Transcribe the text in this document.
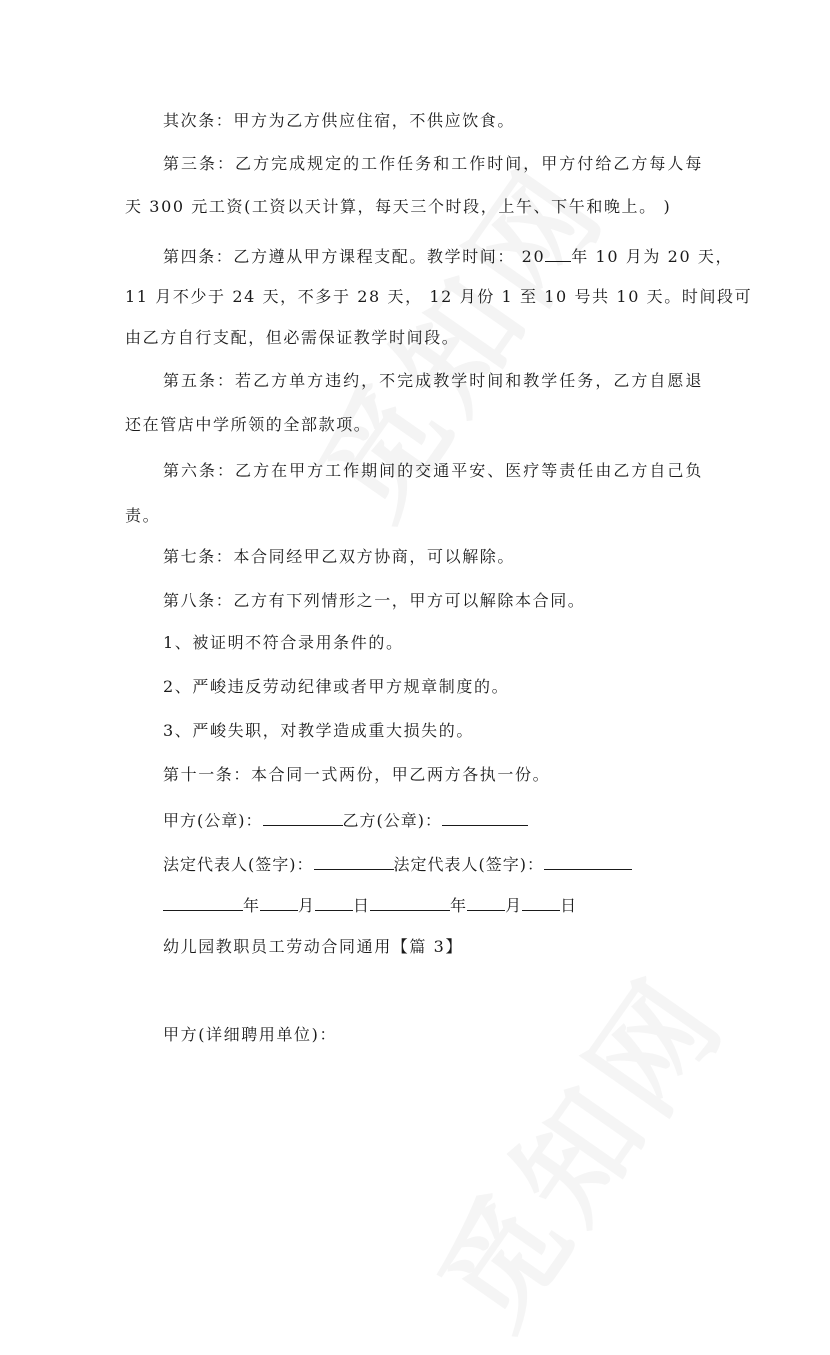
其次条：甲方为乙方供应住宿，不供应饮食。
第三条：乙方完成规定的工作任务和工作时间，甲方付给乙方每人每
天 300 元工资(工资以天计算，每天三个时段，上午、下午和晚上。 )
第四条：乙方遵从甲方课程支配。教学时间： 20 年 10 月为 20 天，
11 月不少于 24 天，不多于 28 天， 12 月份 1 至 10 号共 10 天。时间段可
由乙方自行支配，但必需保证教学时间段。
第五条：若乙方单方违约，不完成教学时间和教学任务，乙方自愿退
还在管店中学所领的全部款项。
第六条：乙方在甲方工作期间的交通平安、医疗等责任由乙方自己负
责。
第七条：本合同经甲乙双方协商，可以解除。
第八条：乙方有下列情形之一，甲方可以解除本合同。
1、被证明不符合录用条件的。
2、严峻违反劳动纪律或者甲方规章制度的。
3、严峻失职，对教学造成重大损失的。
第十一条：本合同一式两份，甲乙两方各执一份。
甲方(公章)：	乙方(公章)：
法定代表人(签字)：	法定代表人(签字)：
年 月 日	年 月 日
幼儿园教职员工劳动合同通用【篇 3】
甲方(详细聘用单位)：
